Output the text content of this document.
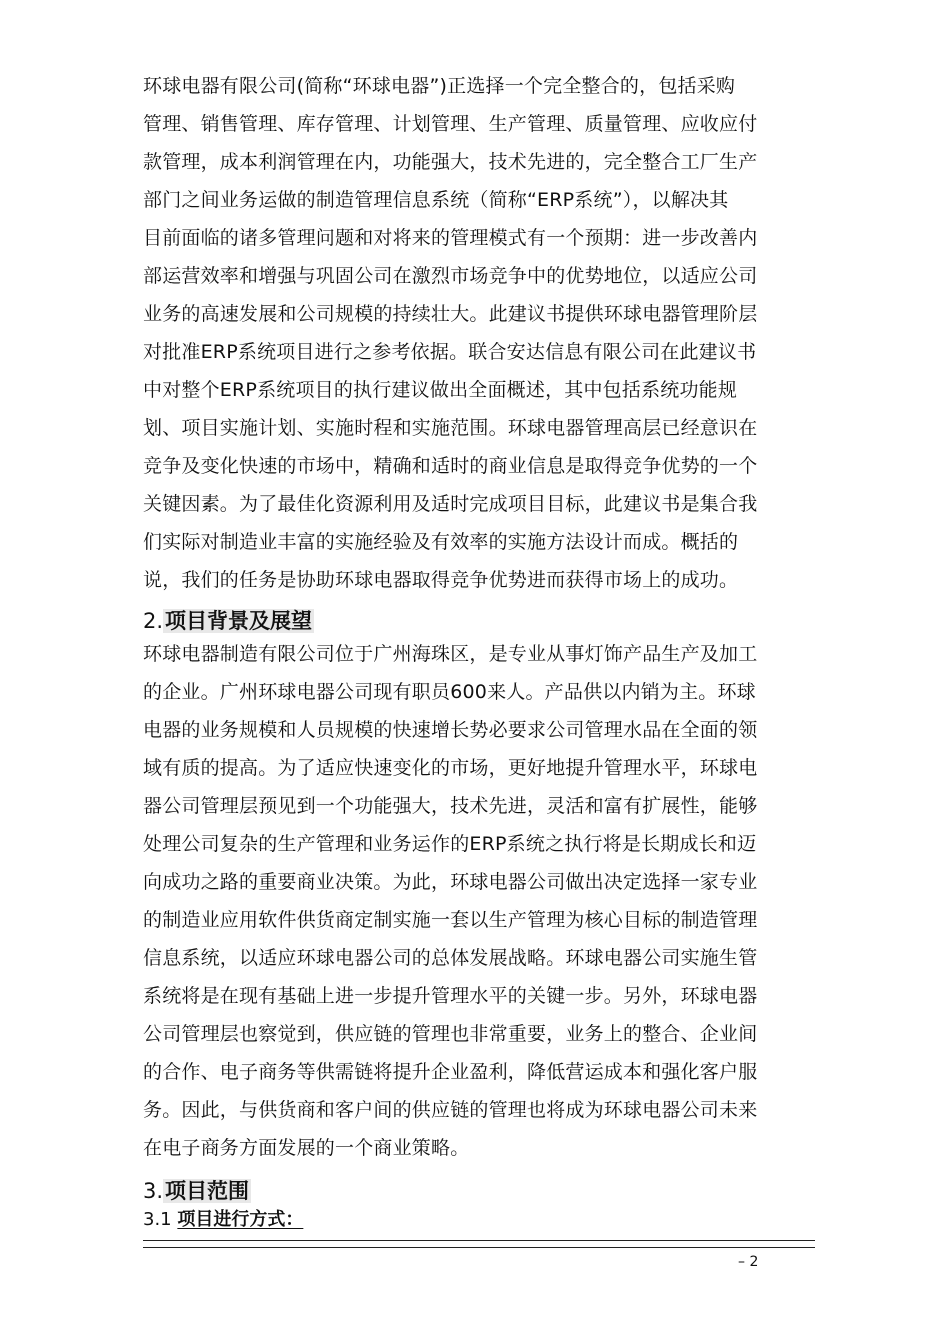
环球电器有限公司(简称“环球电器”)正选择一个完全整合的，包括采购
管理、销售管理、库存管理、计划管理、生产管理、质量管理、应收应付
款管理，成本利润管理在内，功能强大，技术先进的，完全整合工厂生产
部门之间业务运做的制造管理信息系统（简称“ERP系统”），以解决其
目前面临的诸多管理问题和对将来的管理模式有一个预期：进一步改善内
部运营效率和增强与巩固公司在激烈市场竞争中的优势地位，以适应公司
业务的高速发展和公司规模的持续壮大。此建议书提供环球电器管理阶层
对批准ERP系统项目进行之参考依据。联合安达信息有限公司在此建议书
中对整个ERP系统项目的执行建议做出全面概述，其中包括系统功能规
划、项目实施计划、实施时程和实施范围。环球电器管理高层已经意识在
竞争及变化快速的市场中，精确和适时的商业信息是取得竞争优势的一个
关键因素。为了最佳化资源利用及适时完成项目目标，此建议书是集合我
们实际对制造业丰富的实施经验及有效率的实施方法设计而成。概括的
说，我们的任务是协助环球电器取得竞争优势进而获得市场上的成功。
2.项目背景及展望
环球电器制造有限公司位于广州海珠区，是专业从事灯饰产品生产及加工
的企业。广州环球电器公司现有职员600来人。产品供以内销为主。环球
电器的业务规模和人员规模的快速增长势必要求公司管理水品在全面的领
域有质的提高。为了适应快速变化的市场，更好地提升管理水平，环球电
器公司管理层预见到一个功能强大，技术先进，灵活和富有扩展性，能够
处理公司复杂的生产管理和业务运作的ERP系统之执行将是长期成长和迈
向成功之路的重要商业决策。为此，环球电器公司做出决定选择一家专业
的制造业应用软件供货商定制实施一套以生产管理为核心目标的制造管理
信息系统，以适应环球电器公司的总体发展战略。环球电器公司实施生管
系统将是在现有基础上进一步提升管理水平的关键一步。另外，环球电器
公司管理层也察觉到，供应链的管理也非常重要，业务上的整合、企业间
的合作、电子商务等供需链将提升企业盈利，降低营运成本和强化客户服
务。因此，与供货商和客户间的供应链的管理也将成为环球电器公司未来
在电子商务方面发展的一个商业策略。
3.项目范围
3.1 项目进行方式：
– 2
